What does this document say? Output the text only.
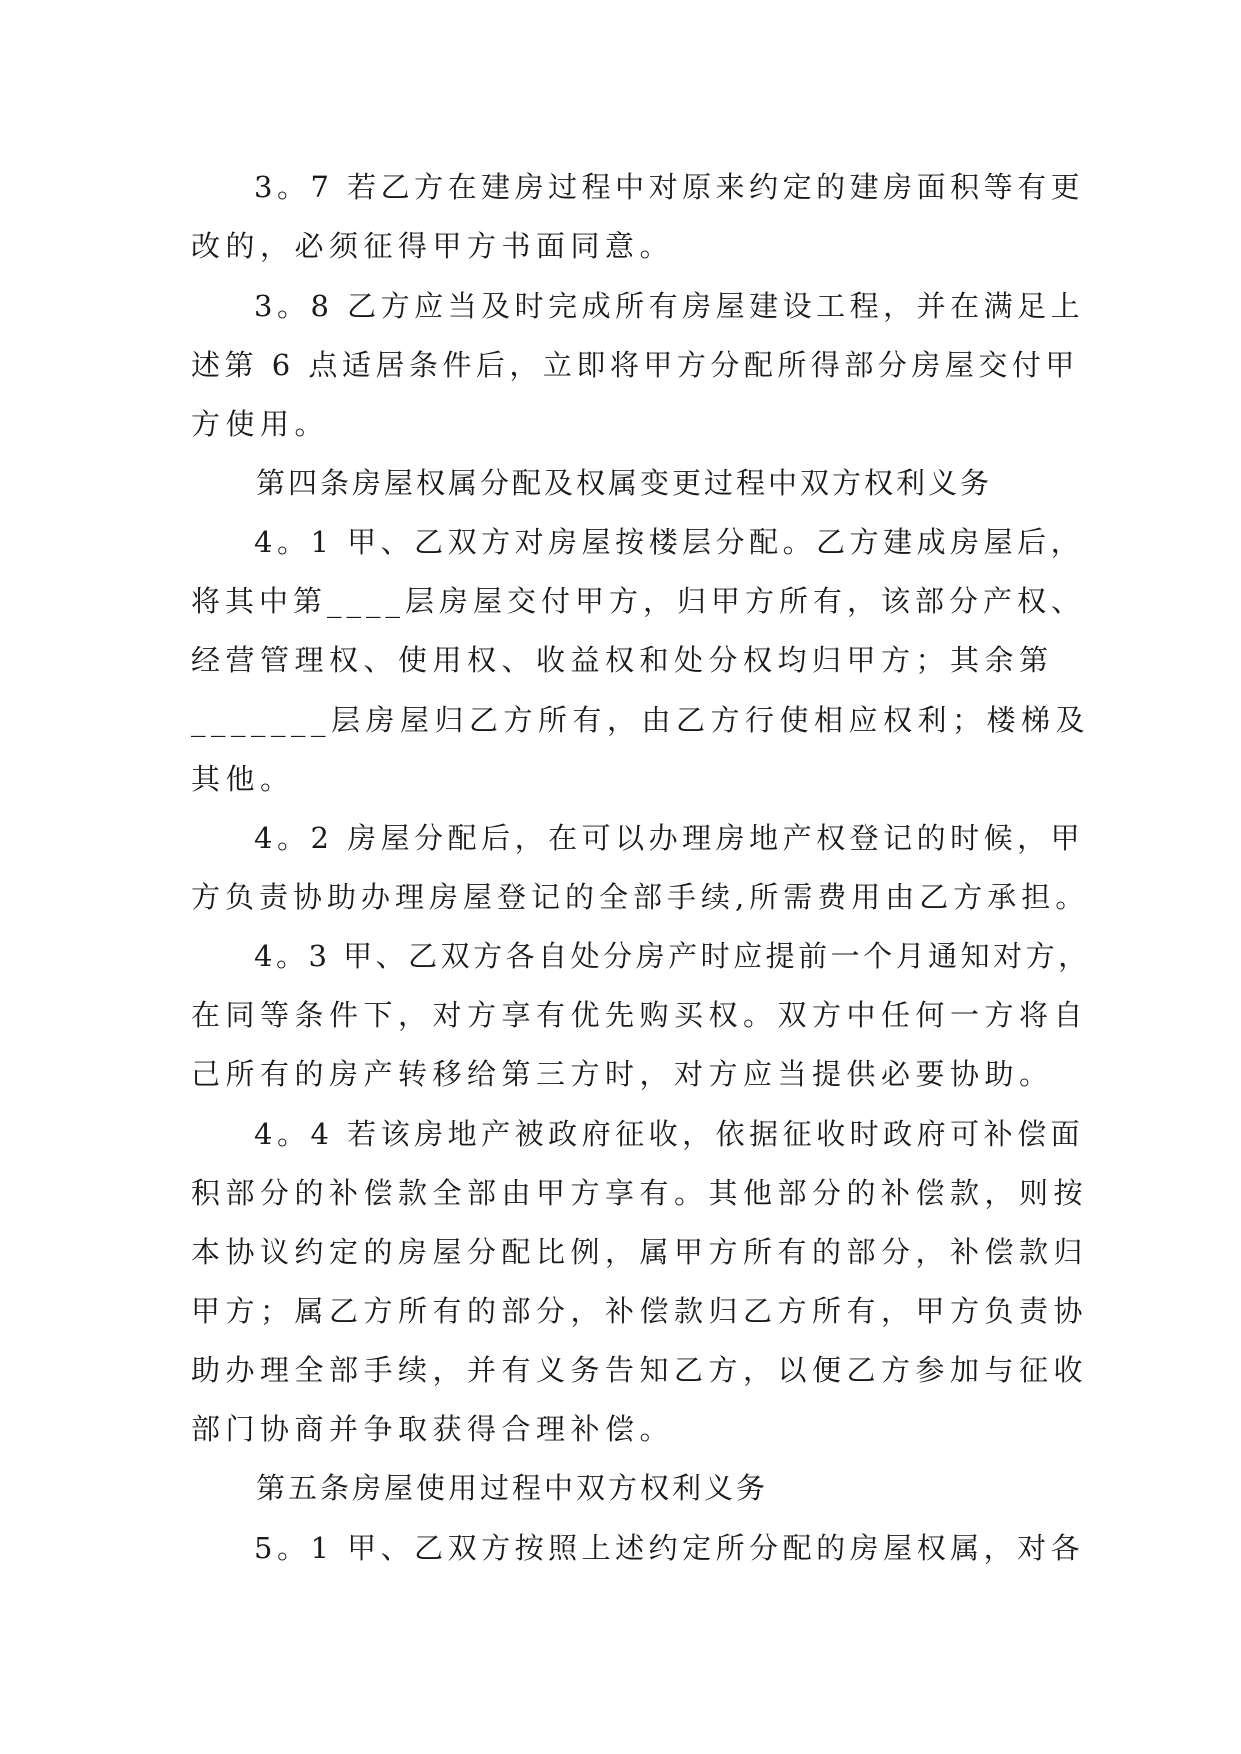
3。7 若乙方在建房过程中对原来约定的建房面积等有更
改的，必须征得甲方书面同意。
3。8 乙方应当及时完成所有房屋建设工程，并在满足上
述第 6 点适居条件后，立即将甲方分配所得部分房屋交付甲
方使用。
第四条房屋权属分配及权属变更过程中双方权利义务
4。1 甲、乙双方对房屋按楼层分配。乙方建成房屋后，
将其中第____层房屋交付甲方，归甲方所有，该部分产权、
经营管理权、使用权、收益权和处分权均归甲方；其余第
_______层房屋归乙方所有，由乙方行使相应权利；楼梯及
其他。
4。2 房屋分配后，在可以办理房地产权登记的时候，甲
方负责协助办理房屋登记的全部手续,所需费用由乙方承担。
4。3 甲、乙双方各自处分房产时应提前一个月通知对方，
在同等条件下，对方享有优先购买权。双方中任何一方将自
己所有的房产转移给第三方时，对方应当提供必要协助。
4。4 若该房地产被政府征收，依据征收时政府可补偿面
积部分的补偿款全部由甲方享有。其他部分的补偿款，则按
本协议约定的房屋分配比例，属甲方所有的部分，补偿款归
甲方；属乙方所有的部分，补偿款归乙方所有，甲方负责协
助办理全部手续，并有义务告知乙方，以便乙方参加与征收
部门协商并争取获得合理补偿。
第五条房屋使用过程中双方权利义务
5。1 甲、乙双方按照上述约定所分配的房屋权属，对各
